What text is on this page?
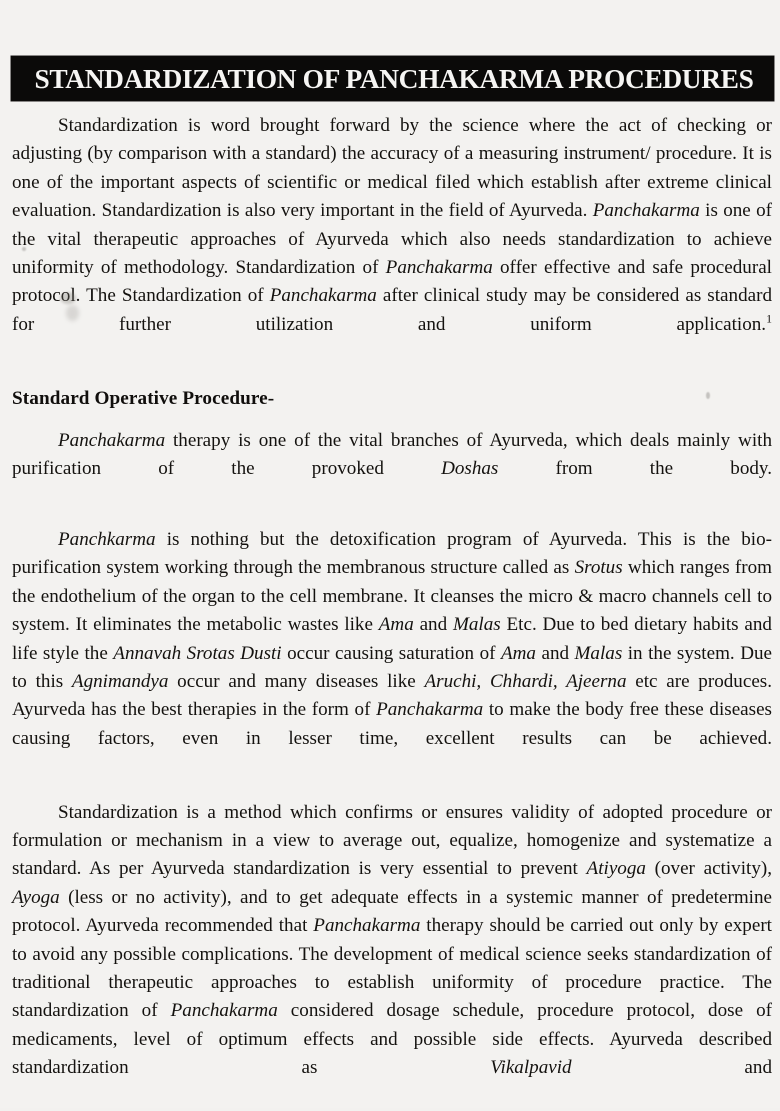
STANDARDIZATION OF PANCHAKARMA PROCEDURES

Standardization is word brought forward by the science where the act of checking or adjusting (by comparison with a standard) the accuracy of a measuring instrument/ procedure. It is one of the important aspects of scientific or medical filed which establish after extreme clinical evaluation. Standardization is also very important in the field of Ayurveda. Panchakarma is one of the vital therapeutic approaches of Ayurveda which also needs standardization to achieve uniformity of methodology. Standardization of Panchakarma offer effective and safe procedural protocol. The Standardization of Panchakarma after clinical study may be considered as standard for further utilization and uniform application.$^1$

Standard Operative Procedure-

Panchakarma therapy is one of the vital branches of Ayurveda, which deals mainly with purification of the provoked Doshas from the body.

Panchkarma is nothing but the detoxification program of Ayurveda. This is the bio-purification system working through the membranous structure called as Srotus which ranges from the endothelium of the organ to the cell membrane. It cleanses the micro & macro channels cell to system. It eliminates the metabolic wastes like Ama and Malas Etc. Due to bed dietary habits and life style the Annavah Srotas Dusti occur causing saturation of Ama and Malas in the system. Due to this Agnimandya occur and many diseases like Aruchi, Chhardi, Ajeerna etc are produces. Ayurveda has the best therapies in the form of Panchakarma to make the body free these diseases causing factors, even in lesser time, excellent results can be achieved.

Standardization is a method which confirms or ensures validity of adopted procedure or formulation or mechanism in a view to average out, equalize, homogenize and systematize a standard. As per Ayurveda standardization is very essential to prevent Atiyoga (over activity), Ayoga (less or no activity), and to get adequate effects in a systemic manner of predetermine protocol. Ayurveda recommended that Panchakarma therapy should be carried out only by expert to avoid any possible complications. The development of medical science seeks standardization of traditional therapeutic approaches to establish uniformity of procedure practice. The standardization of Panchakarma considered dosage schedule, procedure protocol, dose of medicaments, level of optimum effects and possible side effects. Ayurveda described standardization as Vikalpavid and
